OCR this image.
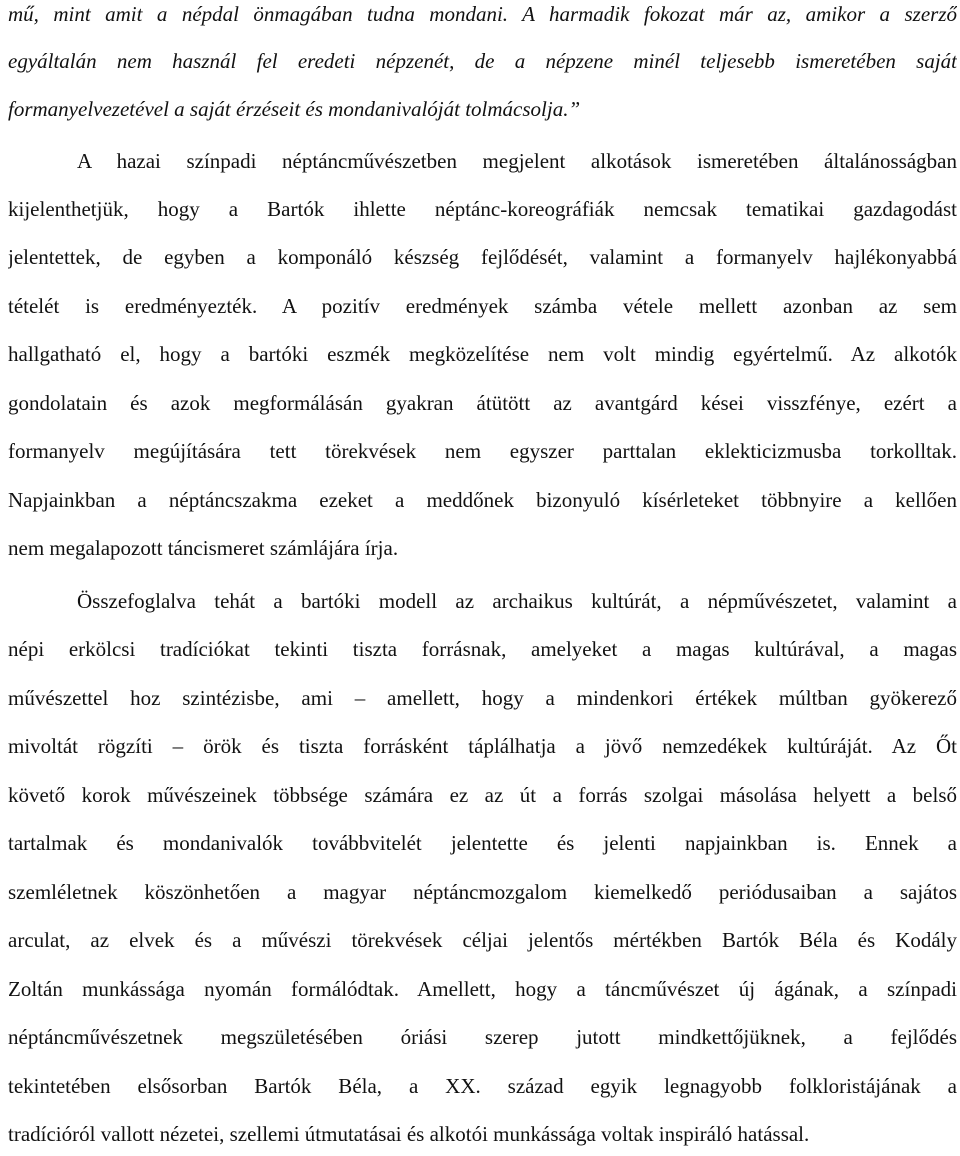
mű, mint amit a népdal önmagában tudna mondani. A harmadik fokozat már az, amikor a szerző
egyáltalán nem használ fel eredeti népzenét, de a népzene minél teljesebb ismeretében saját
formanyelvezetével a saját érzéseit és mondanivalóját tolmácsolja.”
A hazai színpadi néptáncművészetben megjelent alkotások ismeretében általánosságban
kijelenthetjük, hogy a Bartók ihlette néptánc-koreográfiák nemcsak tematikai gazdagodást
jelentettek, de egyben a komponáló készség fejlődését, valamint a formanyelv hajlékonyabbá
tételét is eredményezték. A pozitív eredmények számba vétele mellett azonban az sem
hallgatható el, hogy a bartóki eszmék megközelítése nem volt mindig egyértelmű. Az alkotók
gondolatain és azok megformálásán gyakran átütött az avantgárd kései visszfénye, ezért a
formanyelv megújítására tett törekvések nem egyszer parttalan eklekticizmusba torkolltak.
Napjainkban a néptáncszakma ezeket a meddőnek bizonyuló kísérleteket többnyire a kellően
nem megalapozott táncismeret számlájára írja.
Összefoglalva tehát a bartóki modell az archaikus kultúrát, a népművészetet, valamint a
népi erkölcsi tradíciókat tekinti tiszta forrásnak, amelyeket a magas kultúrával, a magas
művészettel hoz szintézisbe, ami – amellett, hogy a mindenkori értékek múltban gyökerező
mivoltát rögzíti – örök és tiszta forrásként táplálhatja a jövő nemzedékek kultúráját. Az Őt
követő korok művészeinek többsége számára ez az út a forrás szolgai másolása helyett a belső
tartalmak és mondanivalók továbbvitelét jelentette és jelenti napjainkban is. Ennek a
szemléletnek köszönhetően a magyar néptáncmozgalom kiemelkedő periódusaiban a sajátos
arculat, az elvek és a művészi törekvések céljai jelentős mértékben Bartók Béla és Kodály
Zoltán munkássága nyomán formálódtak. Amellett, hogy a táncművészet új ágának, a színpadi
néptáncművészetnek megszületésében óriási szerep jutott mindkettőjüknek, a fejlődés
tekintetében elsősorban Bartók Béla, a XX. század egyik legnagyobb folkloristájának a
tradícióról vallott nézetei, szellemi útmutatásai és alkotói munkássága voltak inspiráló hatással.
